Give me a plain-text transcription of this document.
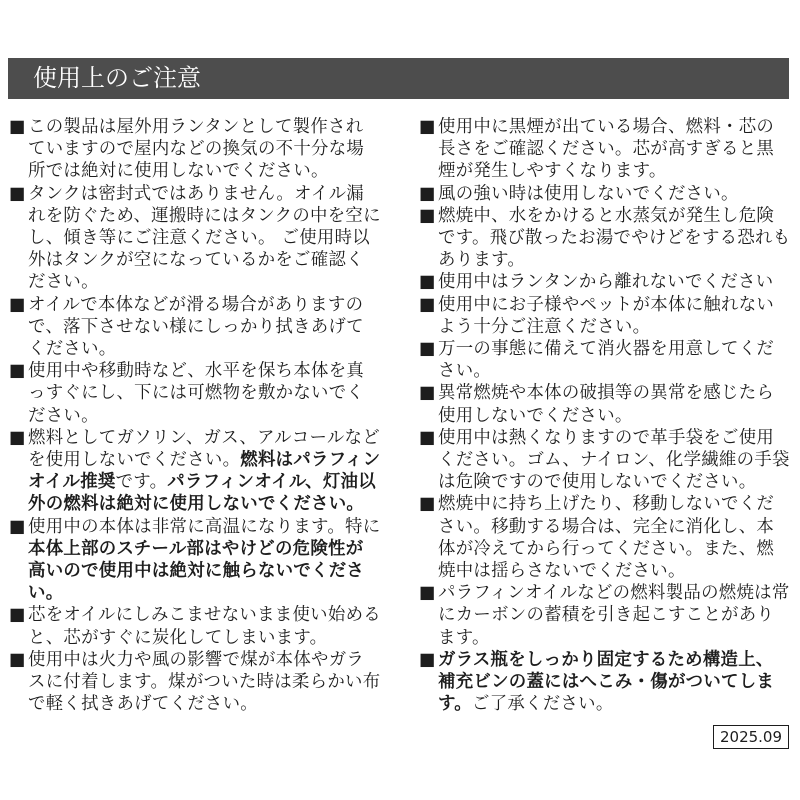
使用上のご注意
■ この製品は屋外用ランタンとして製作されていますので屋内などの換気の不十分な場所では絶対に使用しないでください。
■ タンクは密封式ではありません。オイル漏れを防ぐため、運搬時にはタンクの中を空にし、傾き等にご注意ください。 ご使用時以外はタンクが空になっているかをご確認ください。
■ オイルで本体などが滑る場合がありますので、落下させない様にしっかり拭きあげてください。
■ 使用中や移動時など、水平を保ち本体を真っすぐにし、下には可燃物を敷かないでください。
■ 燃料としてガソリン、ガス、アルコールなどを使用しないでください。燃料はパラフィンオイル推奨です。パラフィンオイル、灯油以外の燃料は絶対に使用しないでください。
■ 使用中の本体は非常に高温になります。特に本体上部のスチール部はやけどの危険性が高いので使用中は絶対に触らないでください。
■ 芯をオイルにしみこませないまま使い始めると、芯がすぐに炭化してしまいます。
■ 使用中は火力や風の影響で煤が本体やガラスに付着します。煤がついた時は柔らかい布で軽く拭きあげてください。
■ 使用中に黒煙が出ている場合、燃料・芯の長さをご確認ください。芯が高すぎると黒煙が発生しやすくなります。
■ 風の強い時は使用しないでください。
■ 燃焼中、水をかけると水蒸気が発生し危険です。飛び散ったお湯でやけどをする恐れもあります。
■ 使用中はランタンから離れないでください
■ 使用中にお子様やペットが本体に触れないよう十分ご注意ください。
■ 万一の事態に備えて消火器を用意してください。
■ 異常燃焼や本体の破損等の異常を感じたら使用しないでください。
■ 使用中は熱くなりますので革手袋をご使用ください。ゴム、ナイロン、化学繊維の手袋は危険ですので使用しないでください。
■ 燃焼中に持ち上げたり、移動しないでください。移動する場合は、完全に消化し、本体が冷えてから行ってください。また、燃焼中は揺らさないでください。
■ パラフィンオイルなどの燃料製品の燃焼は常にカーボンの蓄積を引き起こすことがあります。
■ ガラス瓶をしっかり固定するため構造上、補充ビンの蓋にはへこみ・傷がついてします。ご了承ください。
2025.09
